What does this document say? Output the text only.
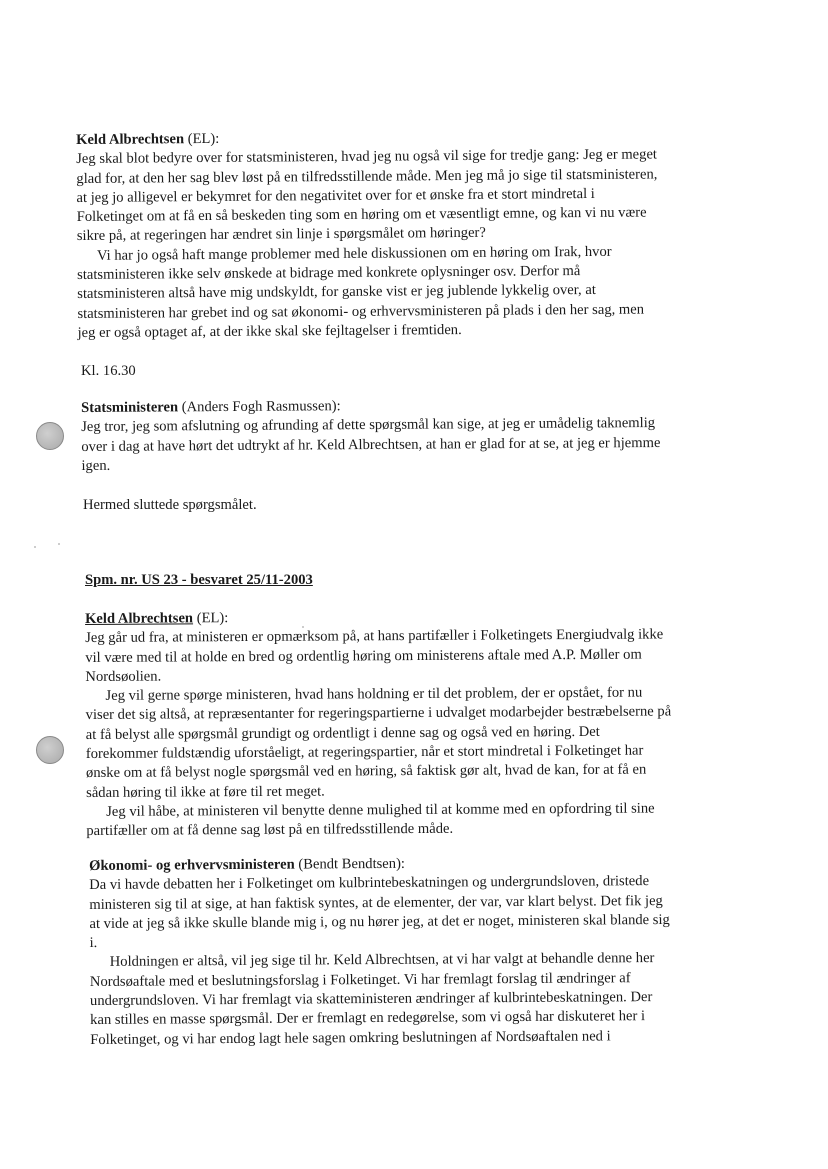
Keld Albrechtsen (EL):

Jeg skal blot bedyre over for statsministeren, hvad jeg nu også vil sige for tredje gang: Jeg er meget

glad for, at den her sag blev løst på en tilfredsstillende måde. Men jeg må jo sige til statsministeren,

at jeg jo alligevel er bekymret for den negativitet over for et ønske fra et stort mindretal i

Folketinget om at få en så beskeden ting som en høring om et væsentligt emne, og kan vi nu være

sikre på, at regeringen har ændret sin linje i spørgsmålet om høringer?

Vi har jo også haft mange problemer med hele diskussionen om en høring om Irak, hvor

statsministeren ikke selv ønskede at bidrage med konkrete oplysninger osv. Derfor må

statsministeren altså have mig undskyldt, for ganske vist er jeg jublende lykkelig over, at

statsministeren har grebet ind og sat økonomi- og erhvervsministeren på plads i den her sag, men

jeg er også optaget af, at der ikke skal ske fejltagelser i fremtiden.

Kl. 16.30

Statsministeren (Anders Fogh Rasmussen):

Jeg tror, jeg som afslutning og afrunding af dette spørgsmål kan sige, at jeg er umådelig taknemlig

over i dag at have hørt det udtrykt af hr. Keld Albrechtsen, at han er glad for at se, at jeg er hjemme

igen.

Hermed sluttede spørgsmålet.

Spm. nr. US 23 - besvaret 25/11-2003

Keld Albrechtsen (EL):

Jeg går ud fra, at ministeren er opmærksom på, at hans partifæller i Folketingets Energiudvalg ikke

vil være med til at holde en bred og ordentlig høring om ministerens aftale med A.P. Møller om

Nordsøolien.

Jeg vil gerne spørge ministeren, hvad hans holdning er til det problem, der er opstået, for nu

viser det sig altså, at repræsentanter for regeringspartierne i udvalget modarbejder bestræbelserne på

at få belyst alle spørgsmål grundigt og ordentligt i denne sag og også ved en høring. Det

forekommer fuldstændig uforståeligt, at regeringspartier, når et stort mindretal i Folketinget har

ønske om at få belyst nogle spørgsmål ved en høring, så faktisk gør alt, hvad de kan, for at få en

sådan høring til ikke at føre til ret meget.

Jeg vil håbe, at ministeren vil benytte denne mulighed til at komme med en opfordring til sine

partifæller om at få denne sag løst på en tilfredsstillende måde.

Økonomi- og erhvervsministeren (Bendt Bendtsen):

Da vi havde debatten her i Folketinget om kulbrintebeskatningen og undergrundsloven, dristede

ministeren sig til at sige, at han faktisk syntes, at de elementer, der var, var klart belyst. Det fik jeg

at vide at jeg så ikke skulle blande mig i, og nu hører jeg, at det er noget, ministeren skal blande sig

i.

Holdningen er altså, vil jeg sige til hr. Keld Albrechtsen, at vi har valgt at behandle denne her

Nordsøaftale med et beslutningsforslag i Folketinget. Vi har fremlagt forslag til ændringer af

undergrundsloven. Vi har fremlagt via skatteministeren ændringer af kulbrintebeskatningen. Der

kan stilles en masse spørgsmål. Der er fremlagt en redegørelse, som vi også har diskuteret her i

Folketinget, og vi har endog lagt hele sagen omkring beslutningen af Nordsøaftalen ned i
